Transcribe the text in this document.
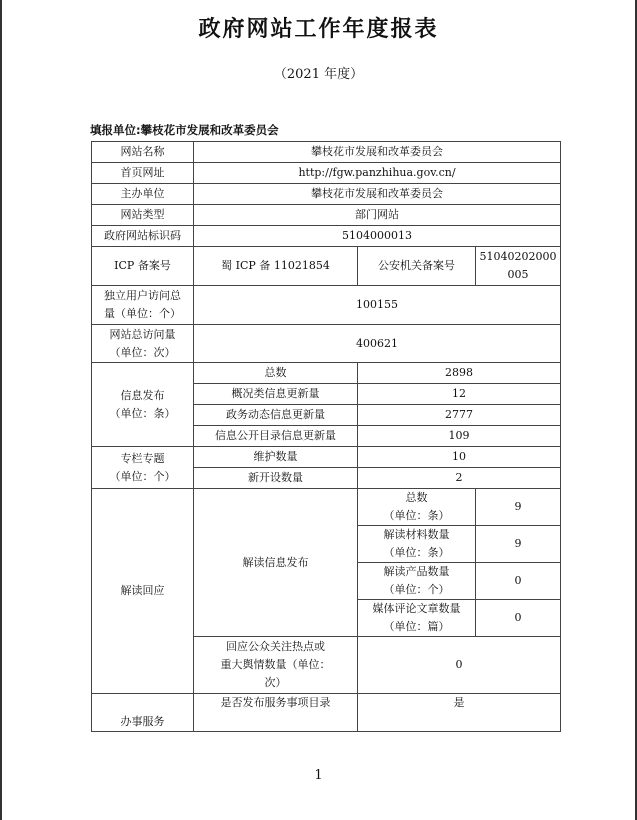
政府网站工作年度报表
（2021 年度）
填报单位:攀枝花市发展和改革委员会
网站名称	攀枝花市发展和改革委员会		
首页网址	http://fgw.panzhihua.gov.cn/		
主办单位	攀枝花市发展和改革委员会		
网站类型	部门网站		
政府网站标识码	5104000013		
ICP 备案号	蜀 ICP 备 11021854	公安机关备案号	51040202000
005

独立用户访问总
量（单位：个）	100155		

网站总访问量
（单位：次）	400621		

信息发布
（单位：条）	总数	2898	
	概况类信息更新量	12	
	政务动态信息更新量	2777	
	信息公开目录信息更新量	109	

专栏专题
（单位：个）	维护数量	10	
	新开设数量	2	
解读回应	解读信息发布	总数
（单位：条）	9

		解读材料数量
（单位：条）	9

		解读产品数量
（单位：个）	0

		媒体评论文章数量
（单位：篇）	0

	回应公众关注热点或
重大舆情数量（单位：
次）	0	
办事服务	是否发布服务事项目录	是	
1
